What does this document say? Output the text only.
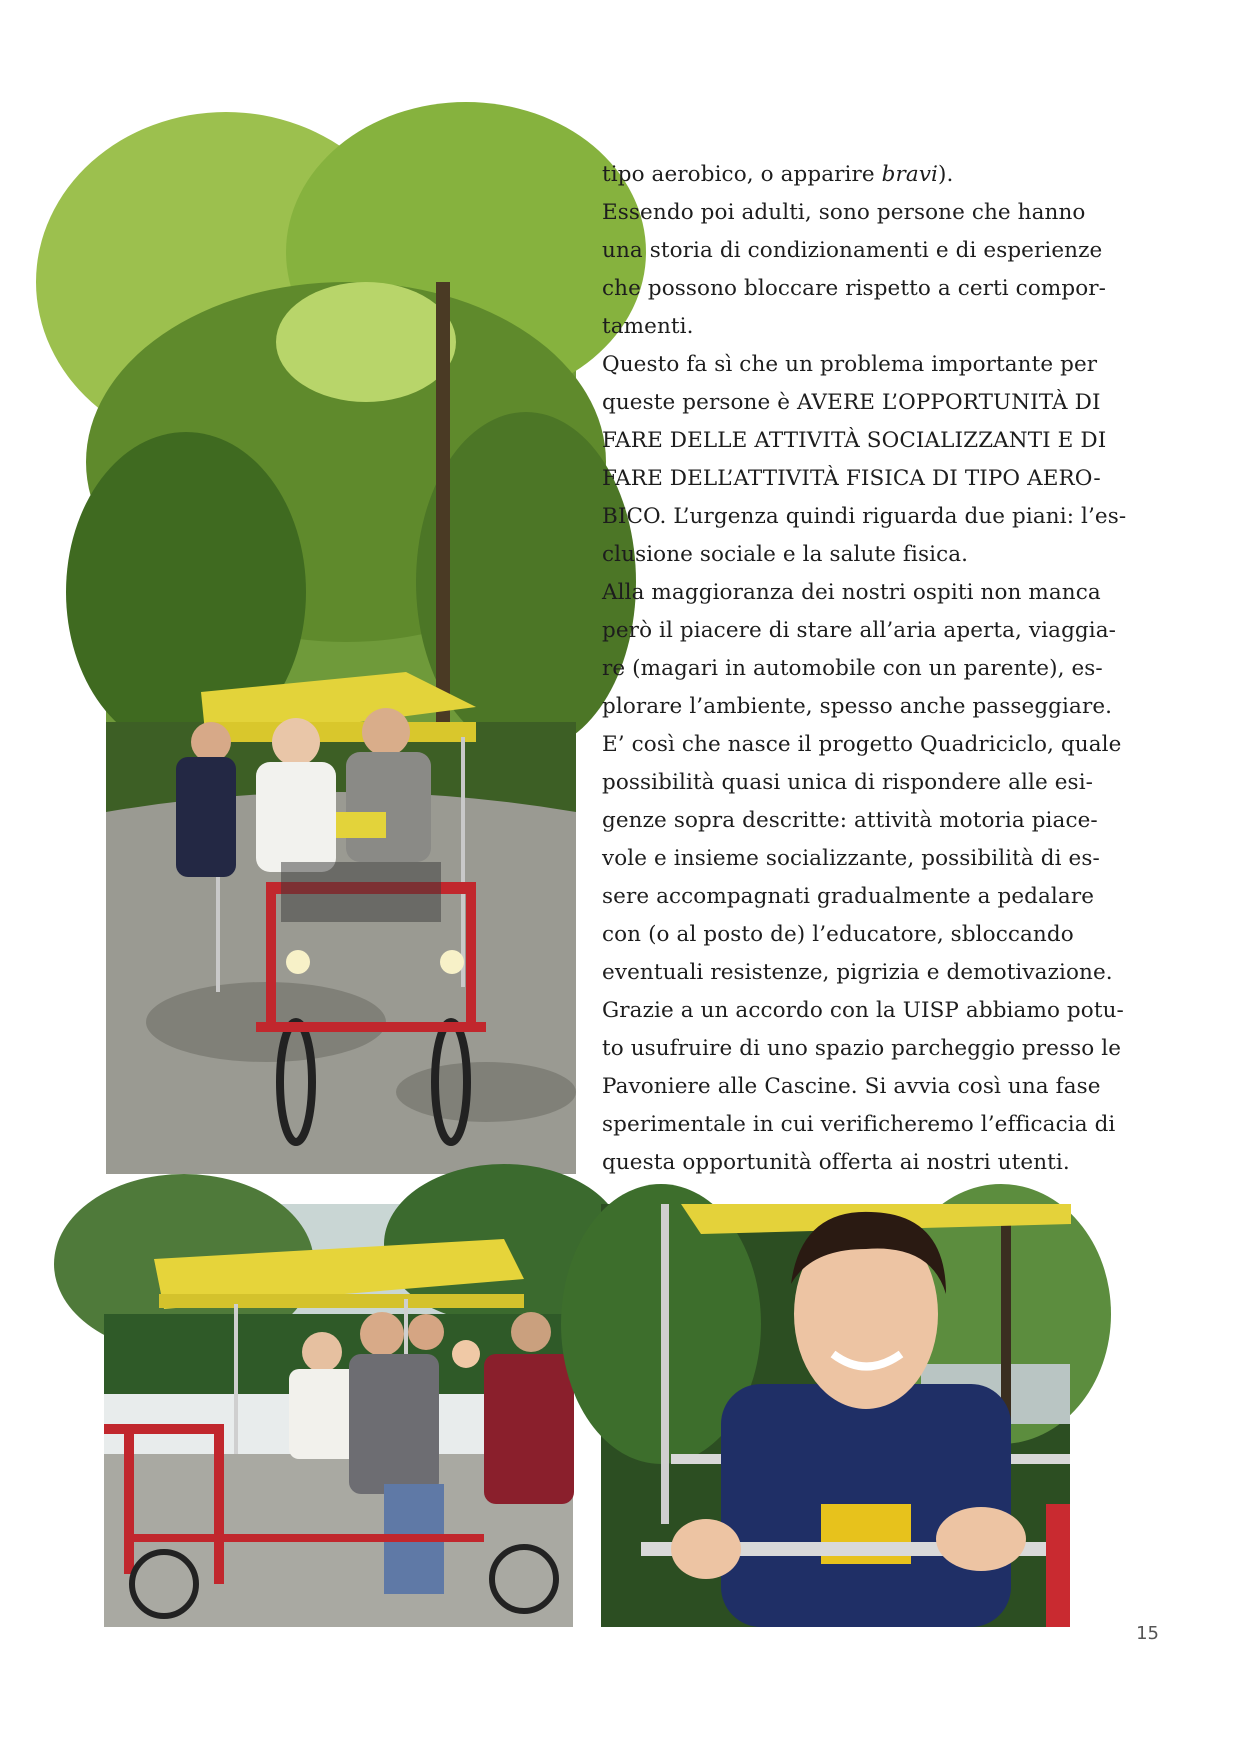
tipo aerobico, o apparire bravi).
Essendo poi adulti, sono persone che hanno
una storia di condizionamenti e di esperienze
che possono bloccare rispetto a certi compor-
tamenti.
Questo fa sì che un problema importante per
queste persone è AVERE L’OPPORTUNITÀ DI
FARE DELLE ATTIVITÀ SOCIALIZZANTI E DI
FARE DELL’ATTIVITÀ FISICA DI TIPO AERO-
BICO. L’urgenza quindi riguarda due piani: l’es-
clusione sociale e la salute fisica.
Alla maggioranza dei nostri ospiti non manca
però il piacere di stare all’aria aperta, viaggia-
re (magari in automobile con un parente), es-
plorare l’ambiente, spesso anche passeggiare.
E’ così che nasce il progetto Quadriciclo, quale
possibilità quasi unica di rispondere alle esi-
genze sopra descritte: attività motoria piace-
vole e insieme socializzante, possibilità di es-
sere accompagnati gradualmente a pedalare
con (o al posto de) l’educatore, sbloccando
eventuali resistenze, pigrizia e demotivazione.
Grazie a un accordo con la UISP abbiamo potu-
to usufruire di uno spazio parcheggio presso le
Pavoniere alle Cascine. Si avvia così una fase
sperimentale in cui verificheremo l’efficacia di
questa opportunità offerta ai nostri utenti.
15
